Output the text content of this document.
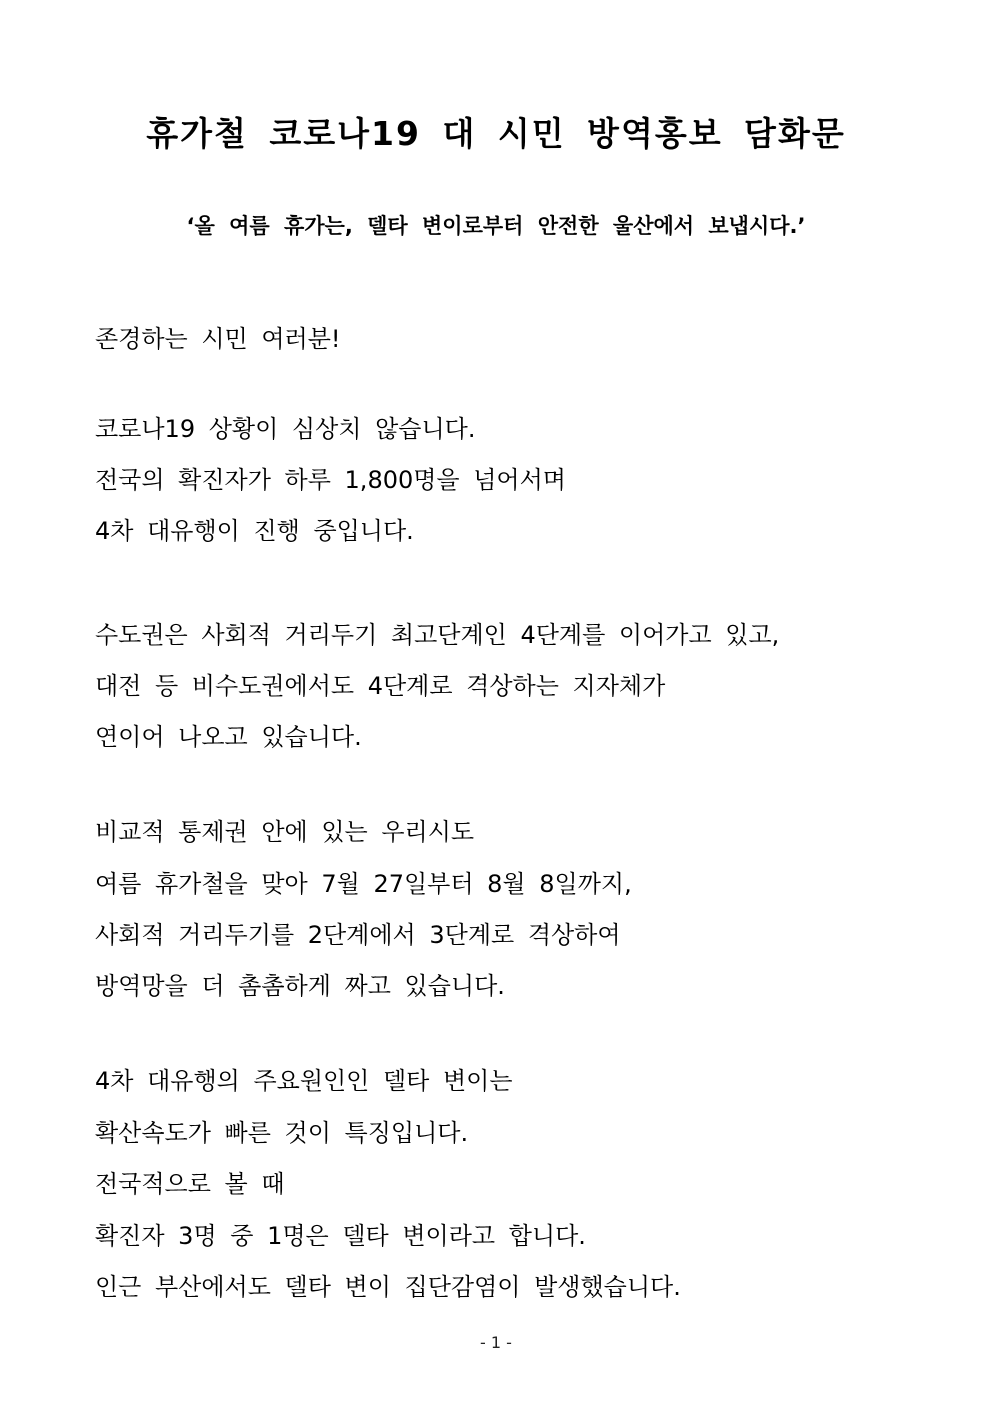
휴가철 코로나19 대 시민 방역홍보 담화문
‘올 여름 휴가는, 델타 변이로부터 안전한 울산에서 보냅시다.’
존경하는 시민 여러분!
코로나19 상황이 심상치 않습니다.
전국의 확진자가 하루 1,800명을 넘어서며
4차 대유행이 진행 중입니다.
수도권은 사회적 거리두기 최고단계인 4단계를 이어가고 있고,
대전 등 비수도권에서도 4단계로 격상하는 지자체가
연이어 나오고 있습니다.
비교적 통제권 안에 있는 우리시도
여름 휴가철을 맞아 7월 27일부터 8월 8일까지,
사회적 거리두기를 2단계에서 3단계로 격상하여
방역망을 더 촘촘하게 짜고 있습니다.
4차 대유행의 주요원인인 델타 변이는
확산속도가 빠른 것이 특징입니다.
전국적으로 볼 때
확진자 3명 중 1명은 델타 변이라고 합니다.
인근 부산에서도 델타 변이 집단감염이 발생했습니다.
- 1 -
